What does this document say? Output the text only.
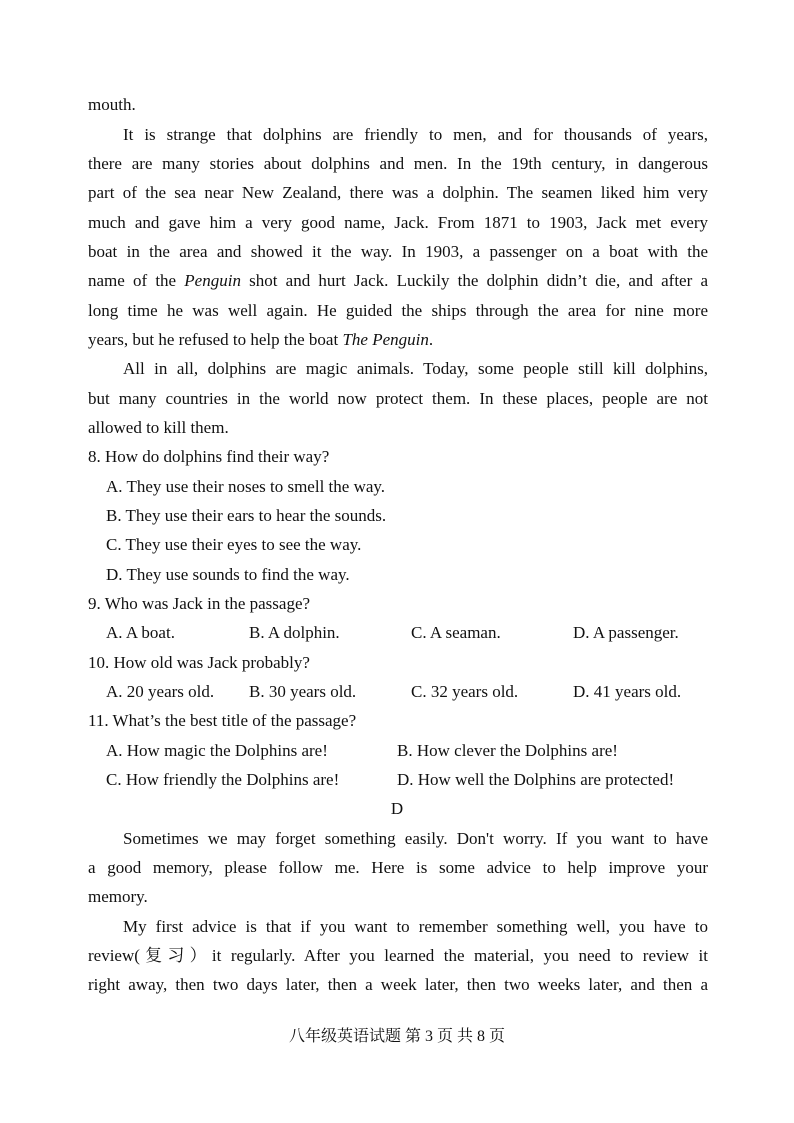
mouth.
It is strange that dolphins are friendly to men, and for thousands of years,
there are many stories about dolphins and men. In the 19th century, in dangerous
part of the sea near New Zealand, there was a dolphin. The seamen liked him very
much and gave him a very good name, Jack. From 1871 to 1903, Jack met every
boat in the area and showed it the way. In 1903, a passenger on a boat with the
name of the Penguin shot and hurt Jack. Luckily the dolphin didn’t die, and after a
long time he was well again. He guided the ships through the area for nine more
years, but he refused to help the boat The Penguin.
All in all, dolphins are magic animals. Today, some people still kill dolphins,
but many countries in the world now protect them. In these places, people are not
allowed to kill them.
8. How do dolphins find their way?
A. They use their noses to smell the way.
B. They use their ears to hear the sounds.
C. They use their eyes to see the way.
D. They use sounds to find the way.
9. Who was Jack in the passage?
A. A boat.	B. A dolphin.	C. A seaman.	D. A passenger.
10. How old was Jack probably?
A. 20 years old. B. 30 years old.	C. 32 years old.	D. 41 years old.
11. What’s the best title of the passage?
A. How magic the Dolphins are!	B. How clever the Dolphins are!
C. How friendly the Dolphins are!	D. How well the Dolphins are protected!
D
Sometimes we may forget something easily. Don't worry. If you want to have
a good memory, please follow me. Here is some advice to help improve your
memory.
My first advice is that if you want to remember something well, you have to
review(复习）it regularly. After you learned the material, you need to review it
right away, then two days later, then a week later, then two weeks later, and then a
八年级英语试题 第 3 页 共 8 页
